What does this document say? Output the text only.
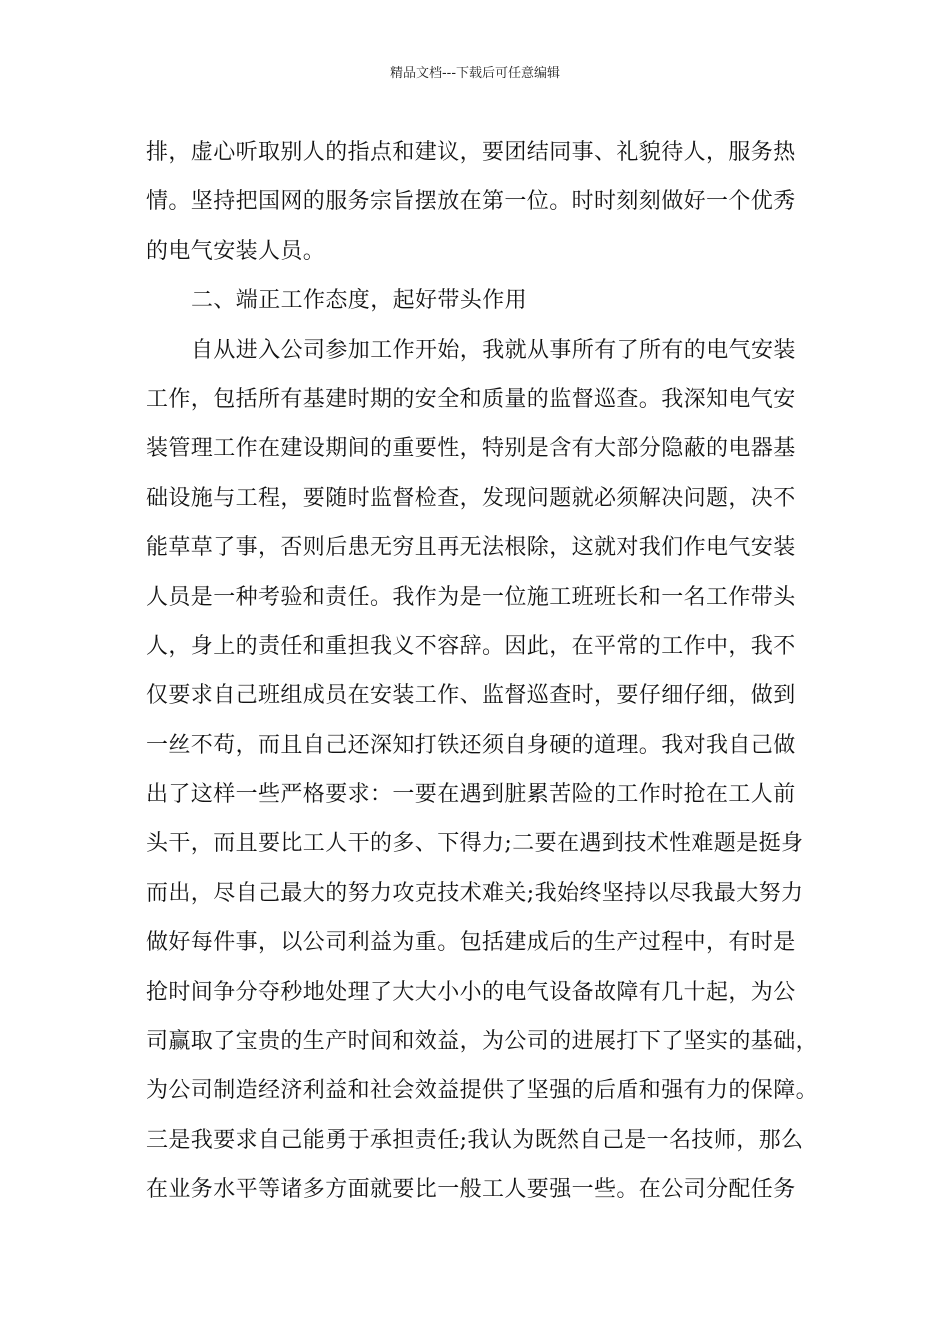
精品文档---下载后可任意编辑
排，虚心听取别人的指点和建议，要团结同事、礼貌待人，服务热
情。坚持把国网的服务宗旨摆放在第一位。时时刻刻做好一个优秀
的电气安装人员。
二、端正工作态度，起好带头作用
自从进入公司参加工作开始，我就从事所有了所有的电气安装
工作，包括所有基建时期的安全和质量的监督巡查。我深知电气安
装管理工作在建设期间的重要性，特别是含有大部分隐蔽的电器基
础设施与工程，要随时监督检查，发现问题就必须解决问题，决不
能草草了事，否则后患无穷且再无法根除，这就对我们作电气安装
人员是一种考验和责任。我作为是一位施工班班长和一名工作带头
人，身上的责任和重担我义不容辞。因此，在平常的工作中，我不
仅要求自己班组成员在安装工作、监督巡查时，要仔细仔细，做到
一丝不苟，而且自己还深知打铁还须自身硬的道理。我对我自己做
出了这样一些严格要求：一要在遇到脏累苦险的工作时抢在工人前
头干，而且要比工人干的多、下得力;二要在遇到技术性难题是挺身
而出，尽自己最大的努力攻克技术难关;我始终坚持以尽我最大努力
做好每件事，以公司利益为重。包括建成后的生产过程中，有时是
抢时间争分夺秒地处理了大大小小的电气设备故障有几十起，为公
司赢取了宝贵的生产时间和效益，为公司的进展打下了坚实的基础，
为公司制造经济利益和社会效益提供了坚强的后盾和强有力的保障。
三是我要求自己能勇于承担责任;我认为既然自己是一名技师，那么
在业务水平等诸多方面就要比一般工人要强一些。在公司分配任务
